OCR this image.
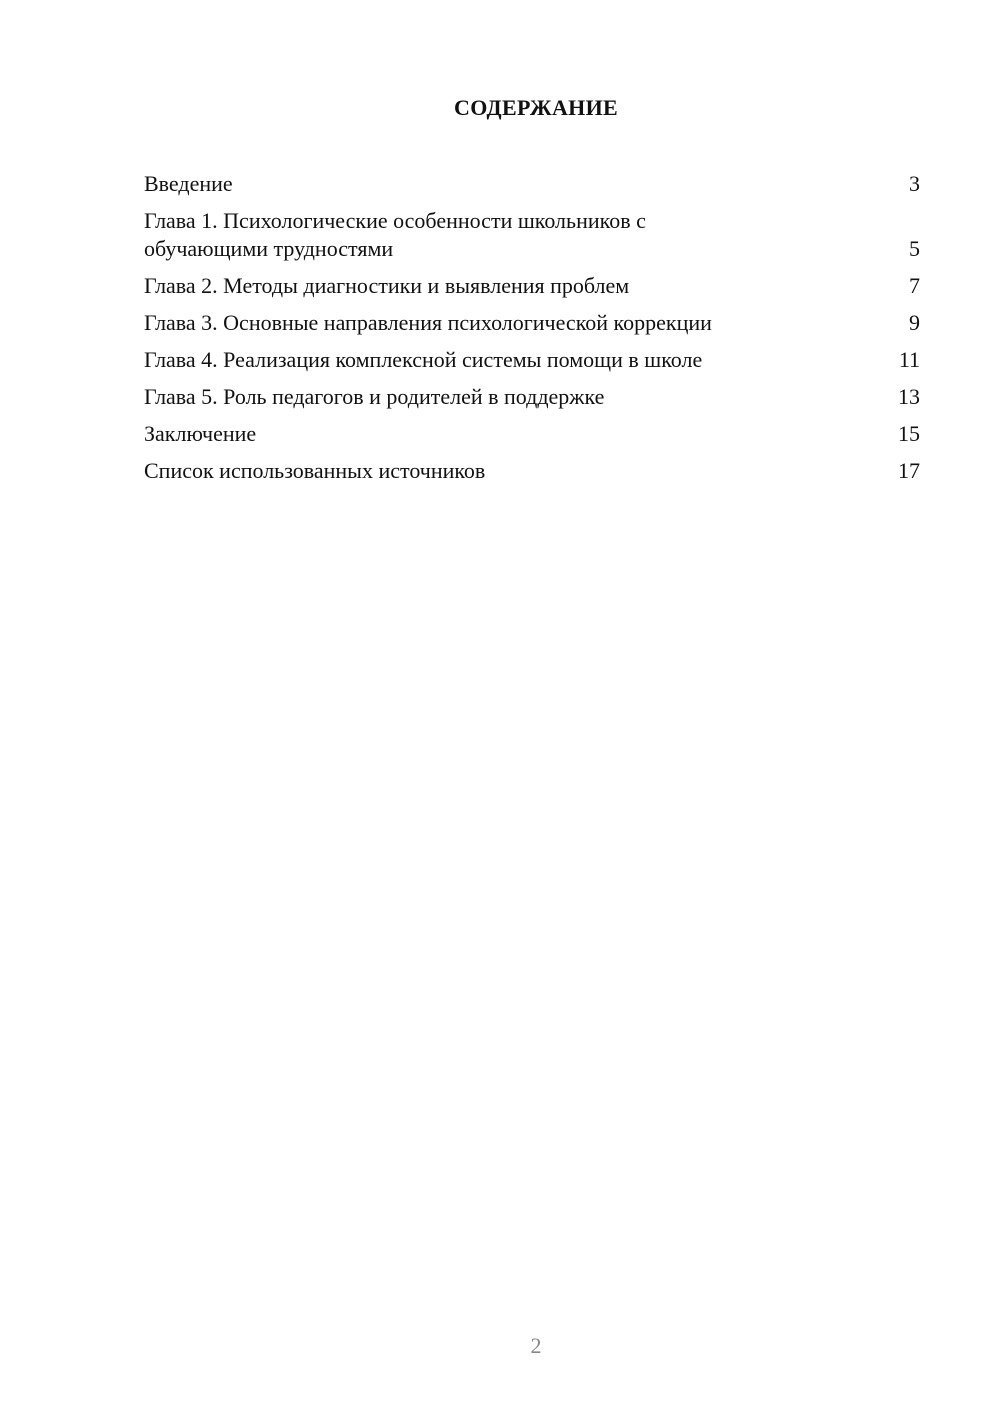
СОДЕРЖАНИЕ
Введение	3
Глава 1. Психологические особенности школьников с обучающими трудностями	5
Глава 2. Методы диагностики и выявления проблем	7
Глава 3. Основные направления психологической коррекции	9
Глава 4. Реализация комплексной системы помощи в школе	11
Глава 5. Роль педагогов и родителей в поддержке	13
Заключение	15
Список использованных источников	17
2
